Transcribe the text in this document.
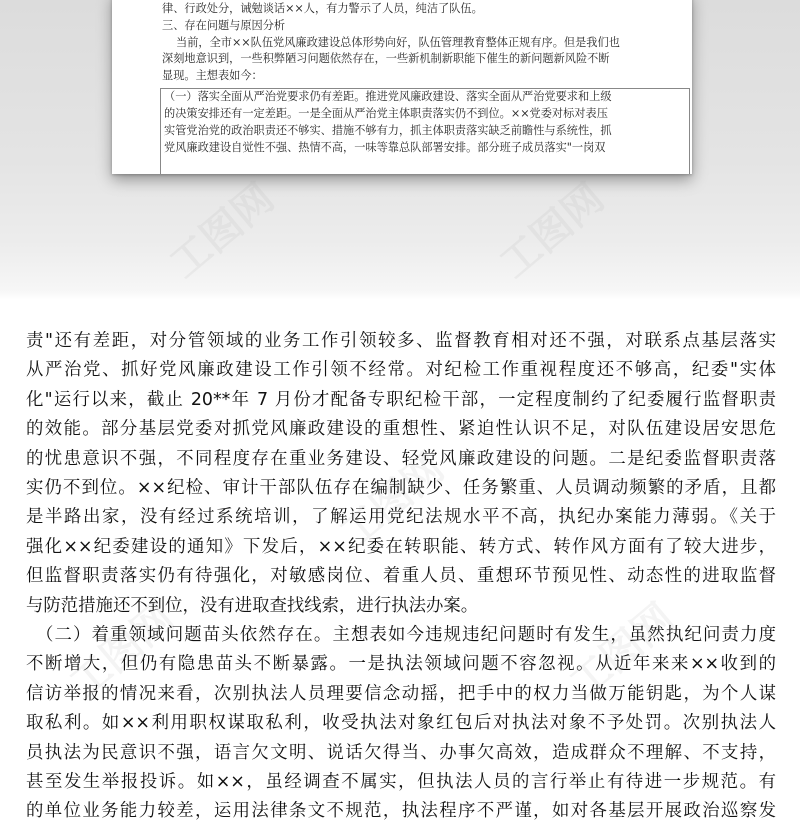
律、行政处分，诫勉谈话××人，有力警示了人员，纯洁了队伍。
三、存在问题与原因分析
当前，全市××队伍党风廉政建设总体形势向好，队伍管理教育整体正规有序。但是我们也
深刻地意识到，一些积弊陋习问题依然存在，一些新机制新职能下催生的新问题新风险不断
显现。主想表如今：
（一）落实全面从严治党要求仍有差距。推进党风廉政建设、落实全面从严治党要求和上级
的决策安排还有一定差距。一是全面从严治党主体职责落实仍不到位。××党委对标对表压
实管党治党的政治职责还不够实、措施不够有力，抓主体职责落实缺乏前瞻性与系统性，抓
党风廉政建设自觉性不强、热情不高，一味等靠总队部署安排。部分班子成员落实"一岗双
工图网	工图网
工图网
工图网	工图网
责"还有差距，对分管领域的业务工作引领较多、监督教育相对还不强，对联系点基层落实
从严治党、抓好党风廉政建设工作引领不经常。对纪检工作重视程度还不够高，纪委"实体
化"运行以来，截止 20**年 7 月份才配备专职纪检干部，一定程度制约了纪委履行监督职责
的效能。部分基层党委对抓党风廉政建设的重想性、紧迫性认识不足，对队伍建设居安思危
的忧患意识不强，不同程度存在重业务建设、轻党风廉政建设的问题。二是纪委监督职责落
实仍不到位。××纪检、审计干部队伍存在编制缺少、任务繁重、人员调动频繁的矛盾，且都
是半路出家，没有经过系统培训，了解运用党纪法规水平不高，执纪办案能力薄弱。《关于
强化××纪委建设的通知》下发后，××纪委在转职能、转方式、转作风方面有了较大进步，
但监督职责落实仍有待强化，对敏感岗位、着重人员、重想环节预见性、动态性的进取监督
与防范措施还不到位，没有进取查找线索，进行执法办案。
（二）着重领域问题苗头依然存在。主想表如今违规违纪问题时有发生，虽然执纪问责力度
不断增大，但仍有隐患苗头不断暴露。一是执法领域问题不容忽视。从近年来来××收到的
信访举报的情况来看，次别执法人员理要信念动摇，把手中的权力当做万能钥匙，为个人谋
取私利。如××利用职权谋取私利，收受执法对象红包后对执法对象不予处罚。次别执法人
员执法为民意识不强，语言欠文明、说话欠得当、办事欠高效，造成群众不理解、不支持，
甚至发生举报投诉。如××，虽经调查不属实，但执法人员的言行举止有待进一步规范。有
的单位业务能力较差，运用法律条文不规范，执法程序不严谨，如对各基层开展政治巡察发
